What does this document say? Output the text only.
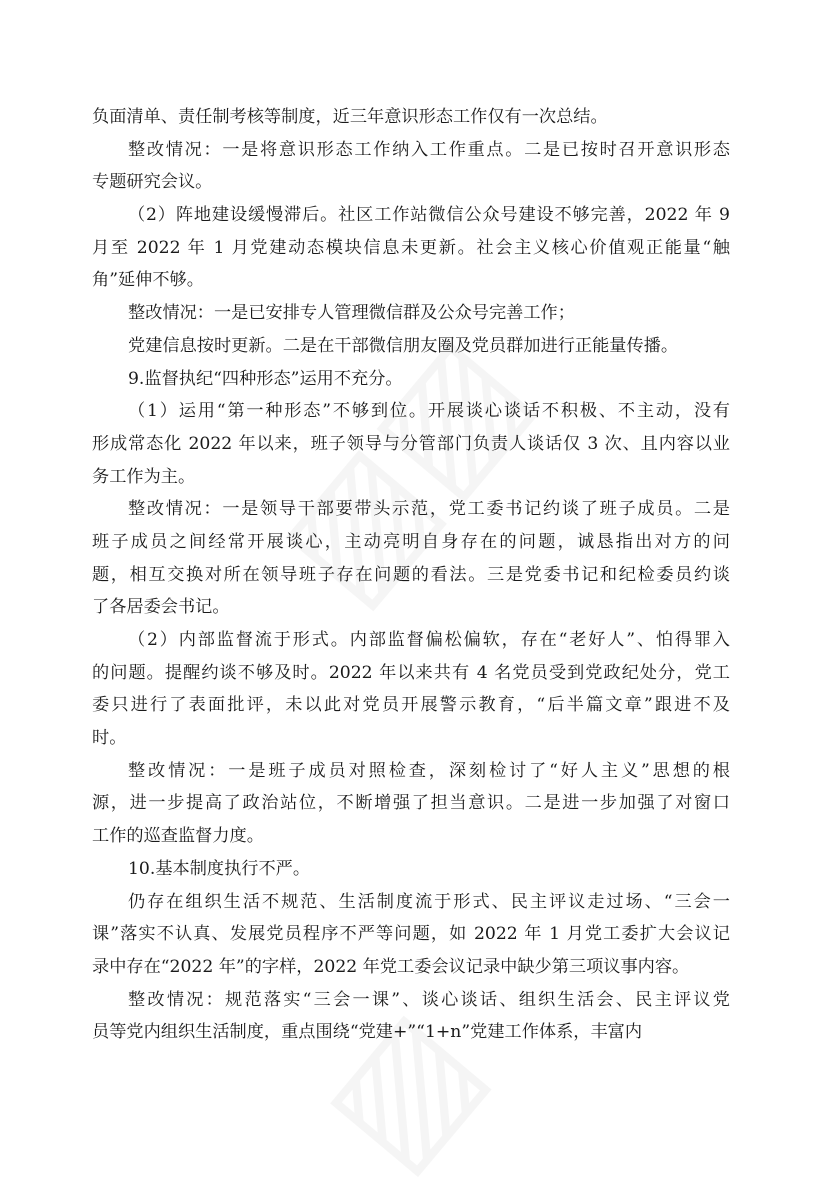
负面清单、责任制考核等制度，近三年意识形态工作仅有一次总结。
整改情况：一是将意识形态工作纳入工作重点。二是已按时召开意识形态
专题研究会议。
（2）阵地建设缓慢滞后。社区工作站微信公众号建设不够完善，2022 年 9
月至 2022 年 1 月党建动态模块信息未更新。社会主义核心价值观正能量“触
角”延伸不够。
整改情况：一是已安排专人管理微信群及公众号完善工作；
党建信息按时更新。二是在干部微信朋友圈及党员群加进行正能量传播。
9.监督执纪“四种形态”运用不充分。
（1）运用“第一种形态”不够到位。开展谈心谈话不积极、不主动，没有
形成常态化 2022 年以来，班子领导与分管部门负责人谈话仅 3 次、且内容以业
务工作为主。
整改情况：一是领导干部要带头示范，党工委书记约谈了班子成员。二是
班子成员之间经常开展谈心，主动亮明自身存在的问题，诚恳指出对方的问
题，相互交换对所在领导班子存在问题的看法。三是党委书记和纪检委员约谈
了各居委会书记。
（2）内部监督流于形式。内部监督偏松偏软，存在“老好人”、怕得罪入
的问题。提醒约谈不够及时。2022 年以来共有 4 名党员受到党政纪处分，党工
委只进行了表面批评，未以此对党员开展警示教育，“后半篇文章”跟进不及
时。
整改情况：一是班子成员对照检查，深刻检讨了“好人主义”思想的根
源，进一步提高了政治站位，不断增强了担当意识。二是进一步加强了对窗口
工作的巡查监督力度。
10.基本制度执行不严。
仍存在组织生活不规范、生活制度流于形式、民主评议走过场、“三会一
课”落实不认真、发展党员程序不严等问题，如 2022 年 1 月党工委扩大会议记
录中存在“2022 年”的字样，2022 年党工委会议记录中缺少第三项议事内容。
整改情况：规范落实“三会一课”、谈心谈话、组织生活会、民主评议党
员等党内组织生活制度，重点围绕“党建+”“1+n”党建工作体系，丰富内
